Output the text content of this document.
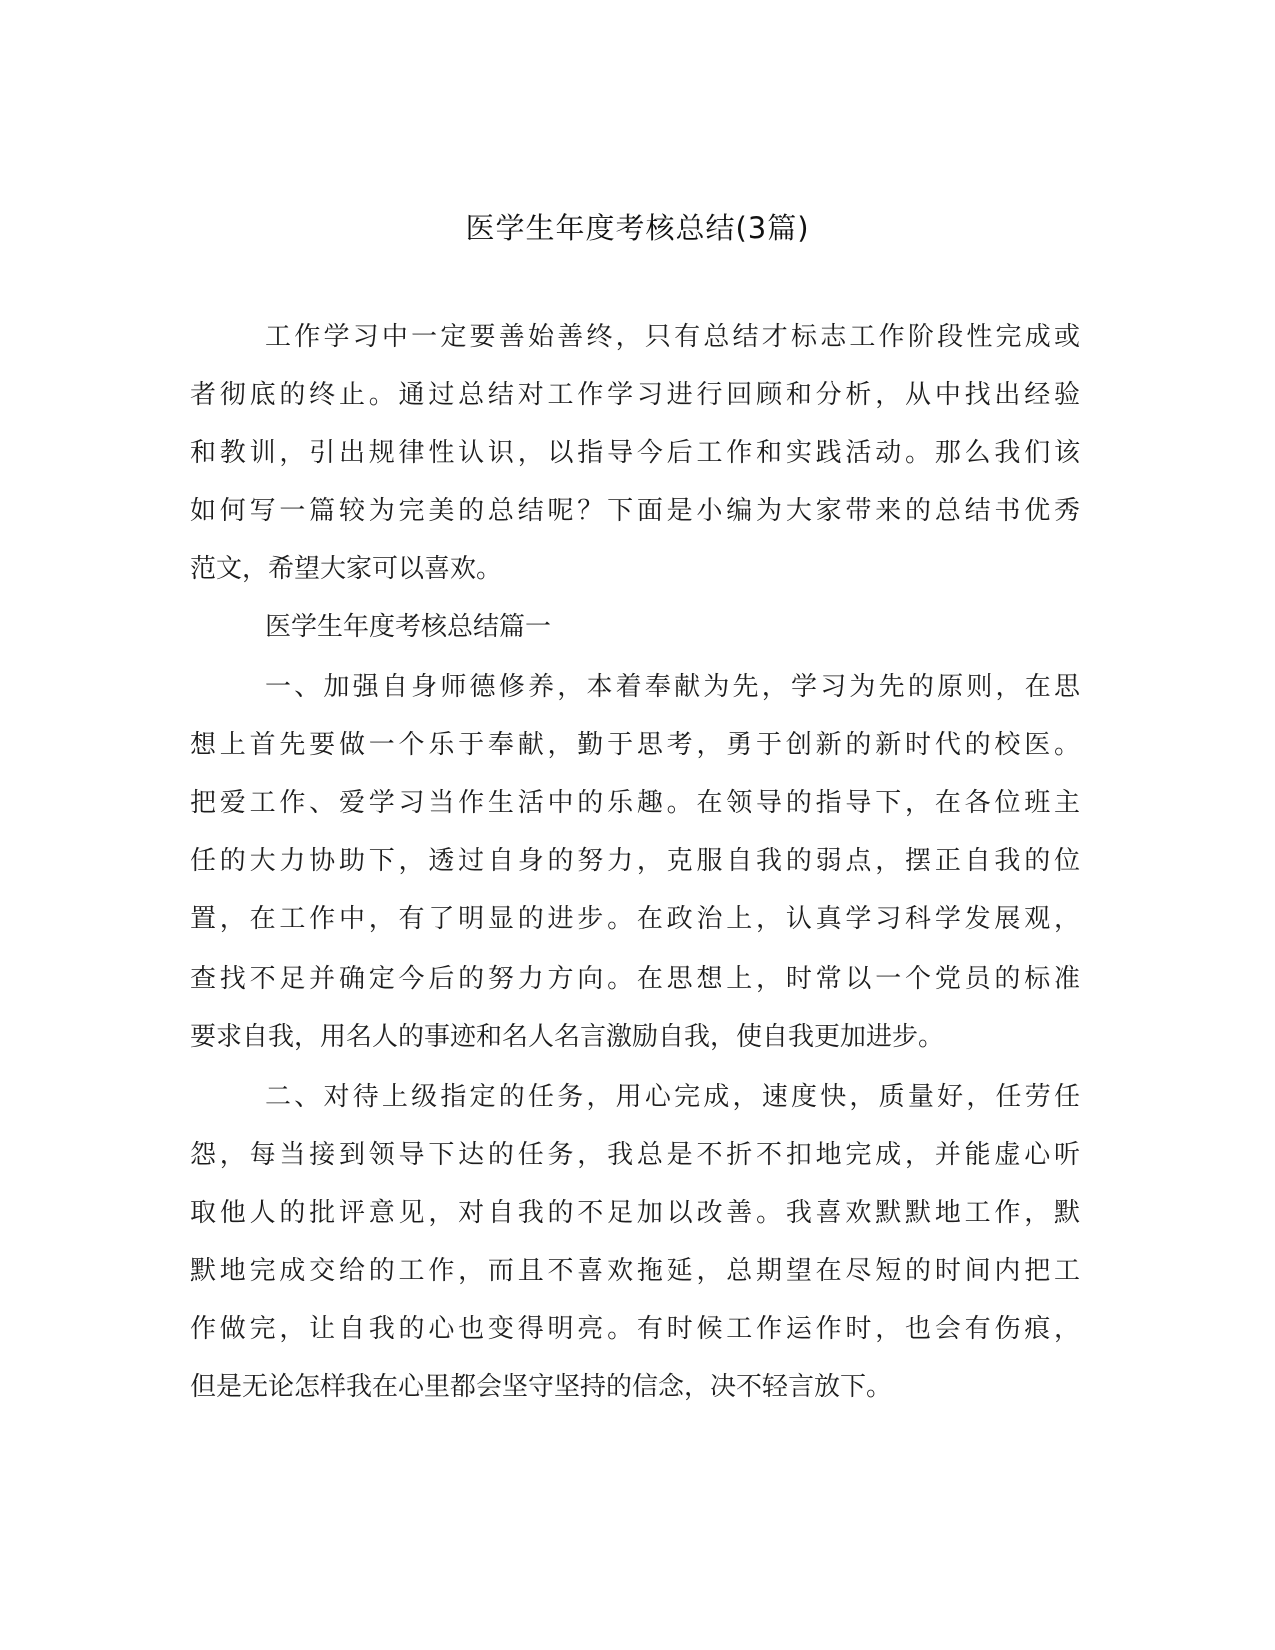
医学生年度考核总结(3篇)

工作学习中一定要善始善终，只有总结才标志工作阶段性完成或

者彻底的终止。通过总结对工作学习进行回顾和分析，从中找出经验

和教训，引出规律性认识，以指导今后工作和实践活动。那么我们该

如何写一篇较为完美的总结呢？下面是小编为大家带来的总结书优秀

范文，希望大家可以喜欢。

医学生年度考核总结篇一

一、加强自身师德修养，本着奉献为先，学习为先的原则，在思

想上首先要做一个乐于奉献，勤于思考，勇于创新的新时代的校医。

把爱工作、爱学习当作生活中的乐趣。在领导的指导下，在各位班主

任的大力协助下，透过自身的努力，克服自我的弱点，摆正自我的位

置，在工作中，有了明显的进步。在政治上，认真学习科学发展观，

查找不足并确定今后的努力方向。在思想上，时常以一个党员的标准

要求自我，用名人的事迹和名人名言激励自我，使自我更加进步。

二、对待上级指定的任务，用心完成，速度快，质量好，任劳任

怨，每当接到领导下达的任务，我总是不折不扣地完成，并能虚心听

取他人的批评意见，对自我的不足加以改善。我喜欢默默地工作，默

默地完成交给的工作，而且不喜欢拖延，总期望在尽短的时间内把工

作做完，让自我的心也变得明亮。有时候工作运作时，也会有伤痕，

但是无论怎样我在心里都会坚守坚持的信念，决不轻言放下。
